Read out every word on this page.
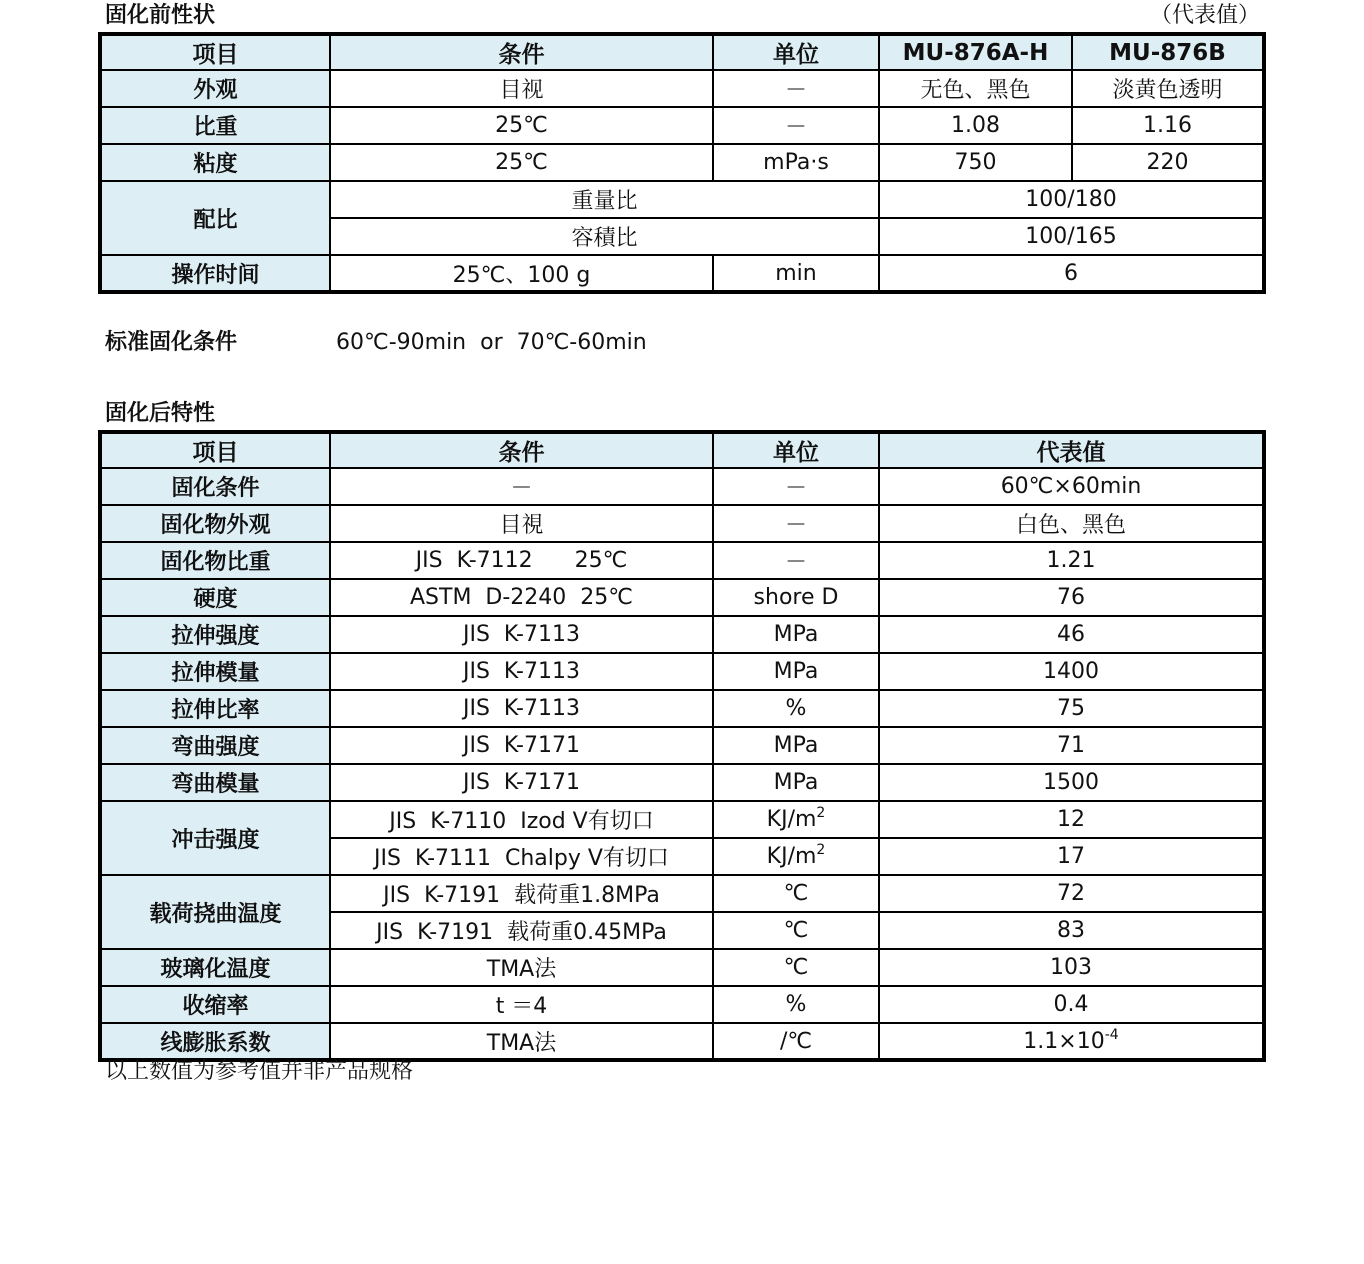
固化前性状	（代表值）
项目	条件	单位	MU-876A-H	MU-876B
外观	目视	－	无色、黑色	淡黄色透明
比重	25℃	－	1.08	1.16
粘度	25℃	mPa·s	750	220
配比	重量比		100/180	
	容積比		100/165	
操作时间	25℃、100 g	min	6	
标准固化条件	60℃-90min  or  70℃-60min
固化后特性
项目	条件	单位	代表值
固化条件	－	－	60℃×60min
固化物外观	目視	－	白色、黑色
固化物比重	JIS  K-7112      25℃	－	1.21
硬度	ASTM  D-2240  25℃	shore D	76
拉伸强度	JIS  K-7113	MPa	46
拉伸模量	JIS  K-7113	MPa	1400
拉伸比率	JIS  K-7113	%	75
弯曲强度	JIS  K-7171	MPa	71
弯曲模量	JIS  K-7171	MPa	1500
冲击强度	JIS  K-7110  Izod V有切口	$KJ/m^2$	12
	JIS  K-7111  Chalpy V有切口	$KJ/m^2$	17
载荷挠曲温度	JIS  K-7191  载荷重1.8MPa	℃	72
	JIS  K-7191  载荷重0.45MPa	℃	83
玻璃化温度	TMA法	℃	103
收缩率	t ＝4	%	0.4
线膨胀系数	TMA法	/℃	$1.1\times 10^{-4}$
以上数值为参考值并非产品规格
